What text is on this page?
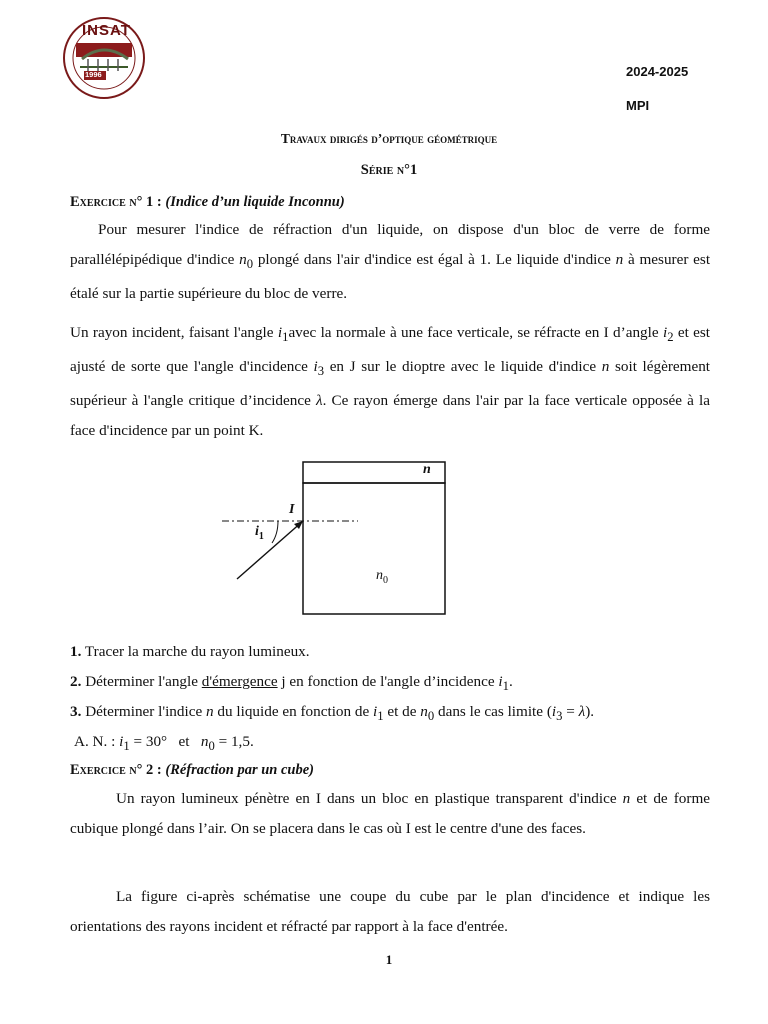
INSAT
1996	2024-2025
MPI
Travaux dirigés d’optique géométrique
Série n°1
Exercice n° 1 : (Indice d’un liquide Inconnu)
Pour mesurer l'indice de réfraction d'un liquide, on dispose d'un bloc de verre de forme parallélépipédique d'indice $n_0$ plongé dans l'air d'indice est égal à 1. Le liquide d'indice n à mesurer est étalé sur la partie supérieure du bloc de verre.
Un rayon incident, faisant l'angle $i_1avec$ la normale à une face verticale, se réfracte en I d’angle $i_2$ et est ajusté de sorte que l'angle d'incidence $i_3$ en J sur le dioptre avec le liquide d'indice n soit légèrement supérieur à l'angle critique d’incidence λ. Ce rayon émerge dans l'air par la face verticale opposée à la face d'incidence par un point K.
n
I
$i_1$
$n_0$
1. Tracer la marche du rayon lumineux.
2. Déterminer l'angle d'émergence j en fonction de l'angle d’incidence $i_1$.
3. Déterminer l'indice n du liquide en fonction de $i_1$ et de $n_0$ dans le cas limite $(i_3 = \lambda)$.
A. N. : $i_1 = 30^\circ$ et $n_0 = 1,5$.
Exercice n° 2 : (Réfraction par un cube)
Un rayon lumineux pénètre en I dans un bloc en plastique transparent d'indice n et de forme cubique plongé dans l’air. On se placera dans le cas où I est le centre d'une des faces.
La figure ci-après schématise une coupe du cube par le plan d'incidence et indique les orientations des rayons incident et réfracté par rapport à la face d'entrée.
1
